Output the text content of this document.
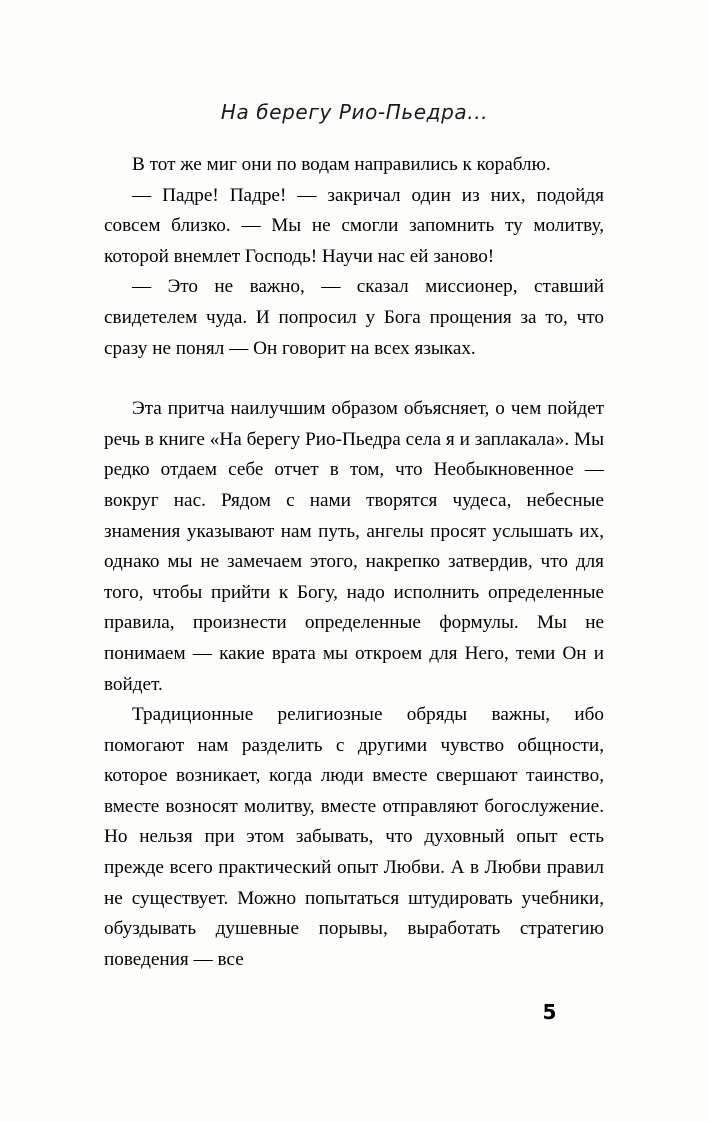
На берегу Рио-Пьедра...

В тот же миг они по водам направились к кораблю.

— Падре! Падре! — закричал один из них, подойдя совсем близко. — Мы не смогли запомнить ту молитву, которой внемлет Господь! Научи нас ей заново!

— Это не важно, — сказал миссионер, ставший свидетелем чуда. И попросил у Бога прощения за то, что сразу не понял — Он говорит на всех языках.

Эта притча наилучшим образом объясняет, о чем пойдет речь в книге «На берегу Рио-Пьедра села я и заплакала». Мы редко отдаем себе отчет в том, что Необыкновенное — вокруг нас. Рядом с нами творятся чудеса, небесные знамения указывают нам путь, ангелы просят услышать их, однако мы не замечаем этого, накрепко затвердив, что для того, чтобы прийти к Богу, надо исполнить определенные правила, произнести определенные формулы. Мы не понимаем — какие врата мы откроем для Него, теми Он и войдет.

Традиционные религиозные обряды важны, ибо помогают нам разделить с другими чувство общности, которое возникает, когда люди вместе свершают таинство, вместе возносят молитву, вместе отправляют богослужение. Но нельзя при этом забывать, что духовный опыт есть прежде всего практический опыт Любви. А в Любви правил не существует. Можно попытаться штудировать учебники, обуздывать душевные порывы, выработать стратегию поведения — все

5
